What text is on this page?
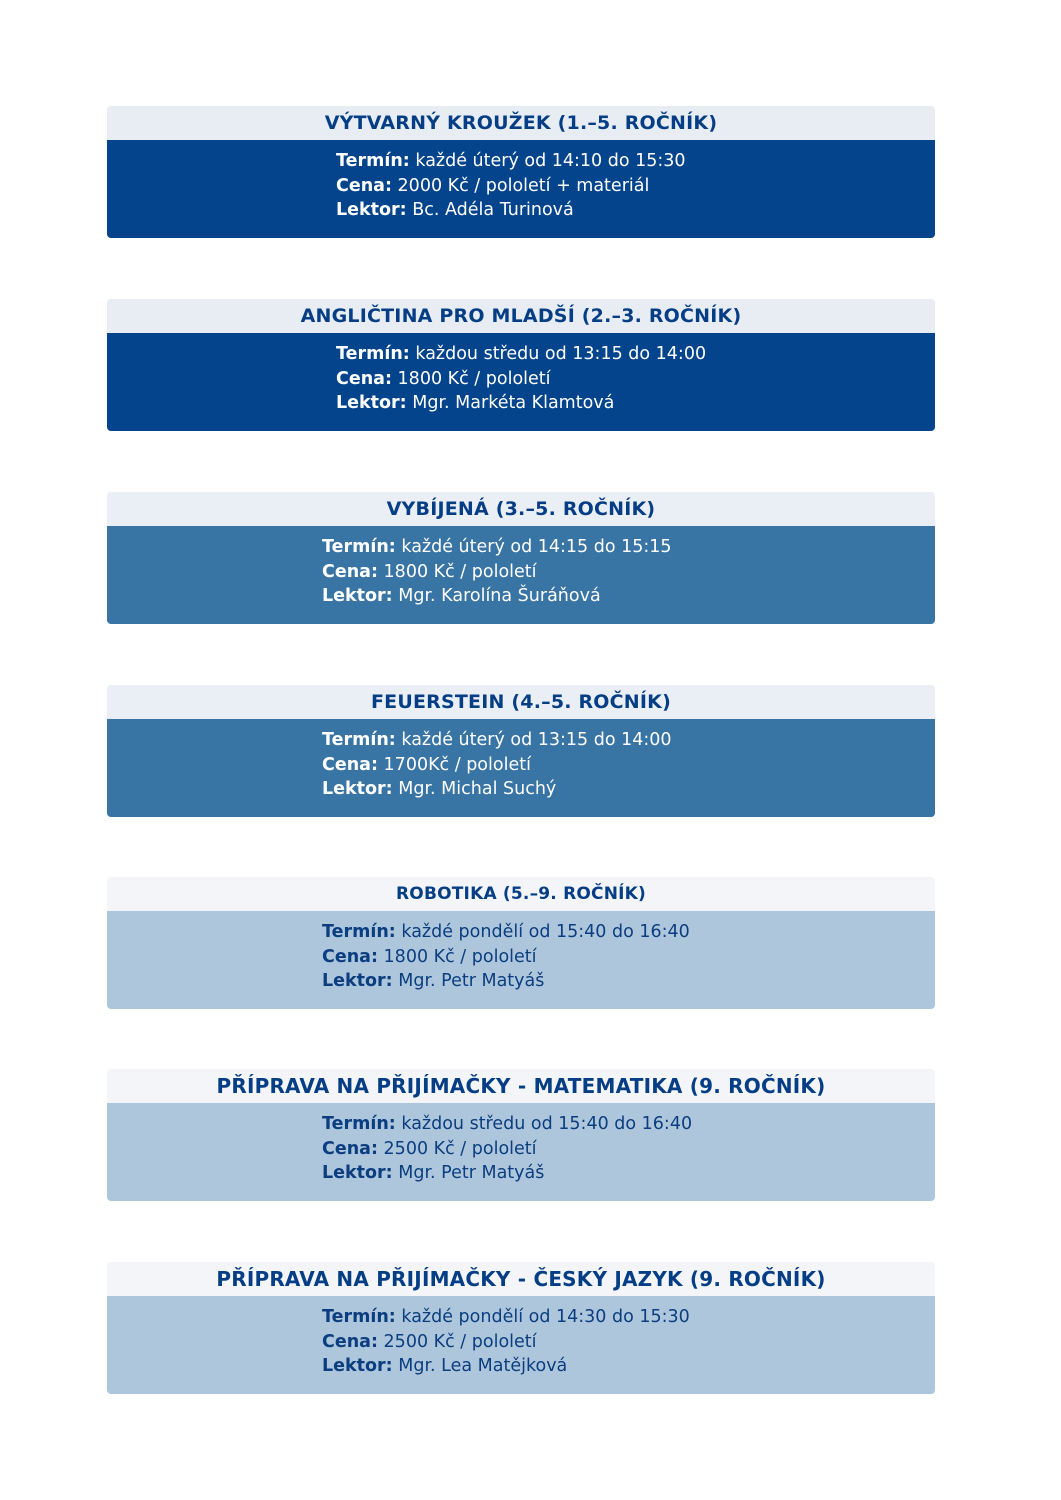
VÝTVARNÝ KROUŽEK (1.–5. ROČNÍK)
Termín: každé úterý od 14:10 do 15:30
Cena: 2000 Kč / pololetí + materiál
Lektor: Bc. Adéla Turinová
ANGLIČTINA PRO MLADŠÍ (2.–3. ROČNÍK)
Termín: každou středu od 13:15 do 14:00
Cena: 1800 Kč / pololetí
Lektor: Mgr. Markéta Klamtová
VYBÍJENÁ (3.–5. ROČNÍK)
Termín: každé úterý od 14:15 do 15:15
Cena: 1800 Kč / pololetí
Lektor: Mgr. Karolína Šuráňová
FEUERSTEIN (4.–5. ROČNÍK)
Termín: každé úterý od 13:15 do 14:00
Cena: 1700Kč / pololetí
Lektor: Mgr. Michal Suchý
ROBOTIKA (5.–9. ROČNÍK)
Termín: každé pondělí od 15:40 do 16:40
Cena: 1800 Kč / pololetí
Lektor: Mgr. Petr Matyáš
PŘÍPRAVA NA PŘIJÍMAČKY - MATEMATIKA (9. ROČNÍK)
Termín: každou středu od 15:40 do 16:40
Cena: 2500 Kč / pololetí
Lektor: Mgr. Petr Matyáš
PŘÍPRAVA NA PŘIJÍMAČKY - ČESKÝ JAZYK (9. ROČNÍK)
Termín: každé pondělí od 14:30 do 15:30
Cena: 2500 Kč / pololetí
Lektor: Mgr. Lea Matějková
